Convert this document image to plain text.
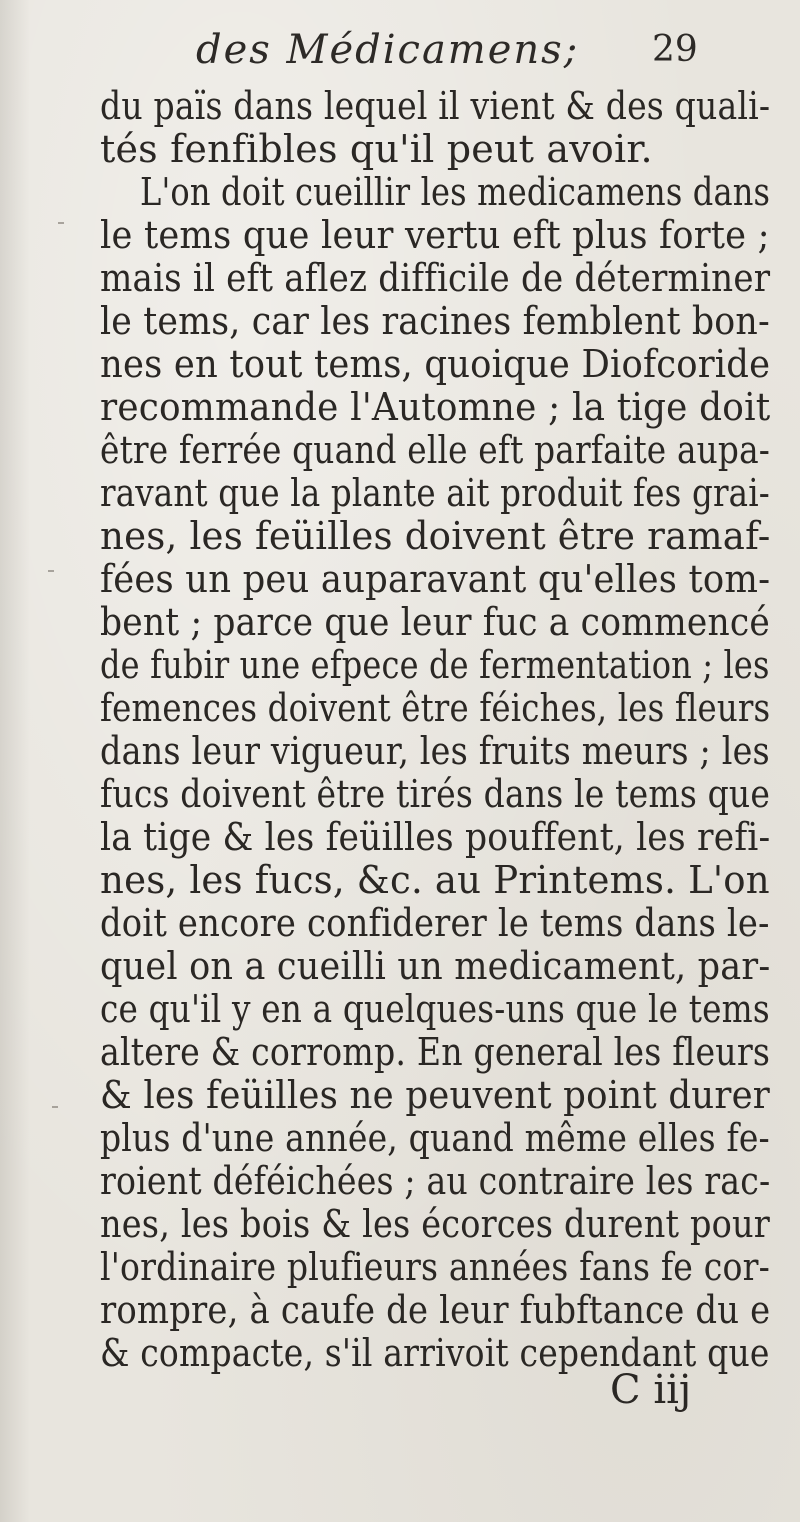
des Médicamens; 29
du païs dans lequel il vient & des quali-
tés fenfibles qu'il peut avoir.
L'on doit cueillir les medicamens dans
le tems que leur vertu eft plus forte ;
mais il eft aflez difficile de déterminer
le tems, car les racines femblent bon-
nes en tout tems, quoique Diofcoride
recommande l'Automne ; la tige doit
être ferrée quand elle eft parfaite aupa-
ravant que la plante ait produit fes grai-
nes, les feüilles doivent être ramaf-
fées un peu auparavant qu'elles tom-
bent ; parce que leur fuc a commencé
de fubir une efpece de fermentation ; les
femences doivent être féiches, les fleurs
dans leur vigueur, les fruits meurs ; les
fucs doivent être tirés dans le tems que
la tige & les feüilles pouffent, les refi-
nes, les fucs, &c. au Printems. L'on
doit encore confiderer le tems dans le-
quel on a cueilli un medicament, par-
ce qu'il y en a quelques-uns que le tems
altere & corromp. En general les fleurs
& les feüilles ne peuvent point durer
plus d'une année, quand même elles fe-
roient déféichées ; au contraire les rac-
nes, les bois & les écorces durent pour
l'ordinaire plufieurs années fans fe cor-
rompre, à caufe de leur fubftance du e
& compacte, s'il arrivoit cependant que
C iij
